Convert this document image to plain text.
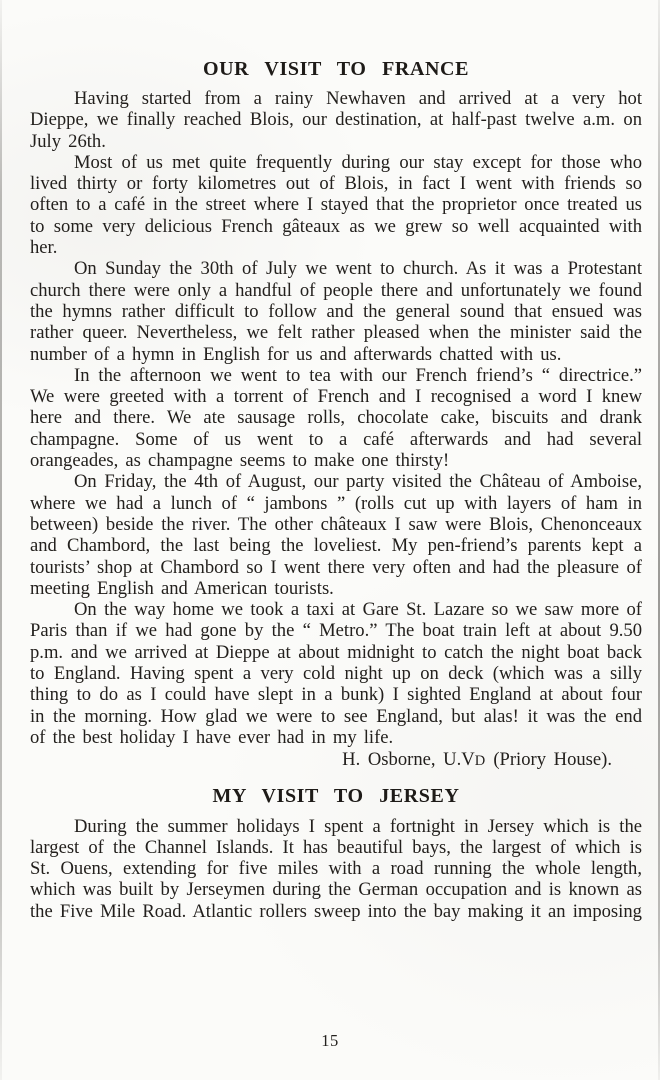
OUR VISIT TO FRANCE

Having started from a rainy Newhaven and arrived at a very hot Dieppe, we finally reached Blois, our destination, at half-past twelve a.m. on July 26th.

Most of us met quite frequently during our stay except for those who lived thirty or forty kilometres out of Blois, in fact I went with friends so often to a café in the street where I stayed that the proprietor once treated us to some very delicious French gâteaux as we grew so well acquainted with her.

On Sunday the 30th of July we went to church. As it was a Protestant church there were only a handful of people there and unfortunately we found the hymns rather difficult to follow and the general sound that ensued was rather queer. Nevertheless, we felt rather pleased when the minister said the number of a hymn in English for us and afterwards chatted with us.

In the afternoon we went to tea with our French friend’s “ directrice.” We were greeted with a torrent of French and I recognised a word I knew here and there. We ate sausage rolls, chocolate cake, biscuits and drank champagne. Some of us went to a café afterwards and had several orangeades, as champagne seems to make one thirsty!

On Friday, the 4th of August, our party visited the Château of Amboise, where we had a lunch of “ jambons ” (rolls cut up with layers of ham in between) beside the river. The other châteaux I saw were Blois, Chenonceaux and Chambord, the last being the loveliest. My pen-friend’s parents kept a tourists’ shop at Chambord so I went there very often and had the pleasure of meeting English and American tourists.

On the way home we took a taxi at Gare St. Lazare so we saw more of Paris than if we had gone by the “ Metro.” The boat train left at about 9.50 p.m. and we arrived at Dieppe at about midnight to catch the night boat back to England. Having spent a very cold night up on deck (which was a silly thing to do as I could have slept in a bunk) I sighted England at about four in the morning. How glad we were to see England, but alas! it was the end of the best holiday I have ever had in my life.

H. Osborne, U.VD (Priory House).

MY VISIT TO JERSEY

During the summer holidays I spent a fortnight in Jersey which is the largest of the Channel Islands. It has beautiful bays, the largest of which is St. Ouens, extending for five miles with a road running the whole length, which was built by Jerseymen during the German occupation and is known as the Five Mile Road. Atlantic rollers sweep into the bay making it an imposing

15
